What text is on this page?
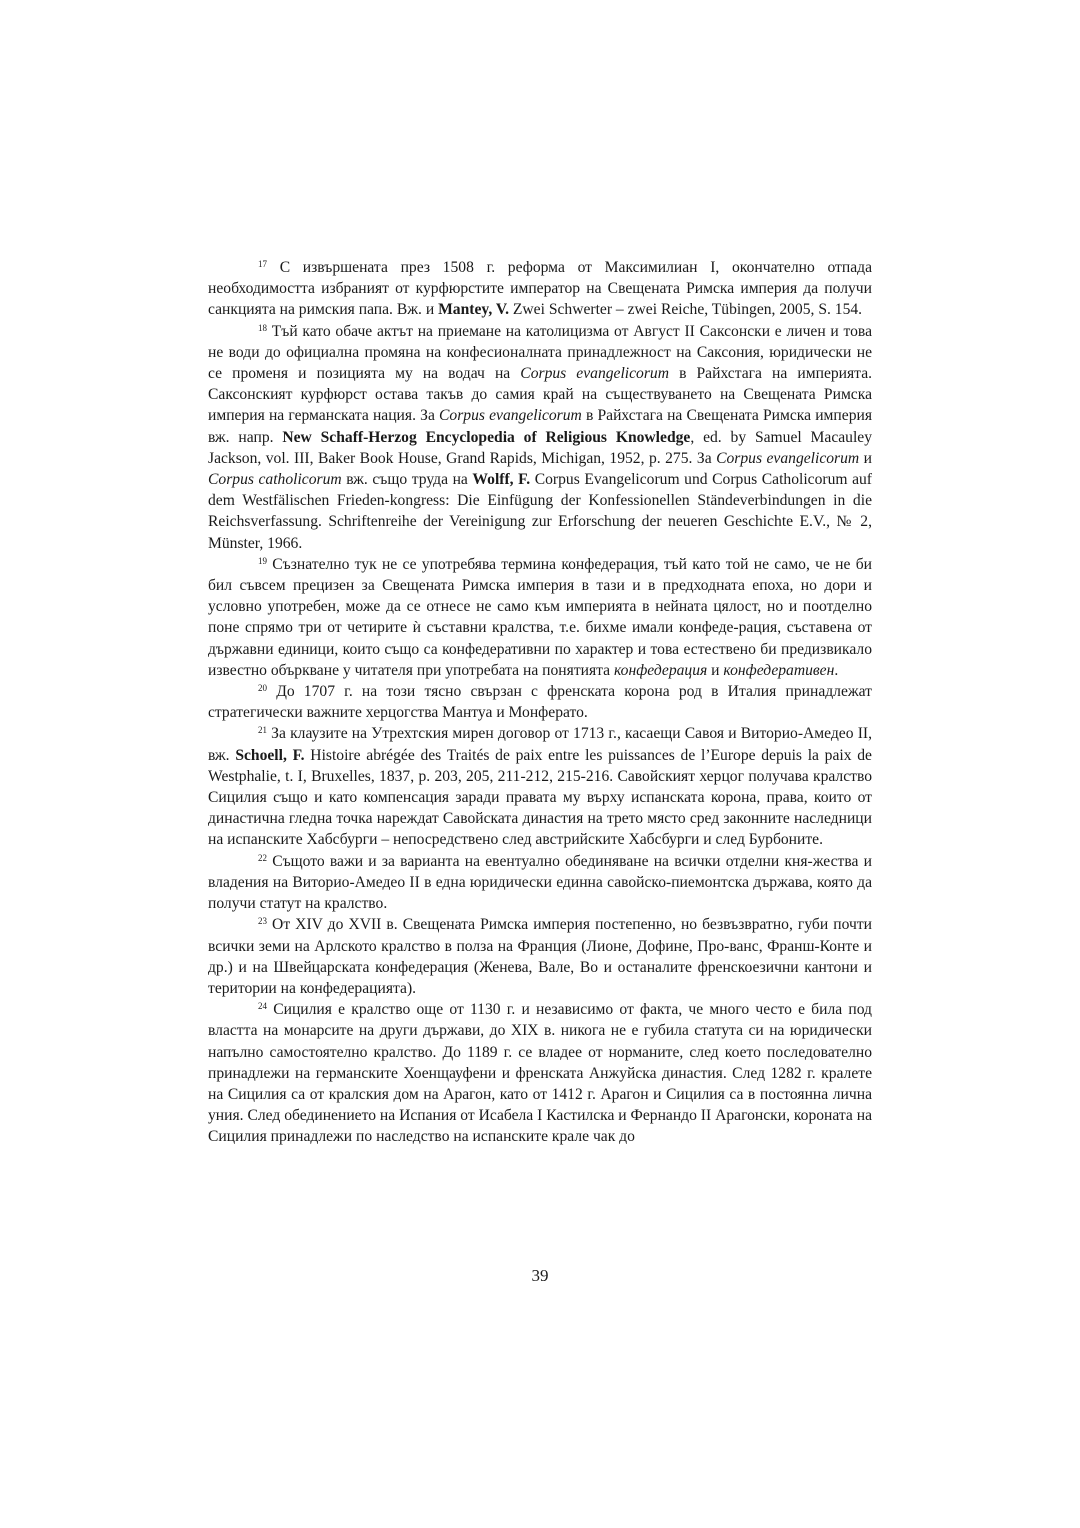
$^{17}$ С извършената през 1508 г. реформа от Максимилиан I, окончателно отпада необходимостта избраният от курфюрстите император на Свещената Римска империя да получи санкцията на римския папа. Вж. и Mantey, V. Zwei Schwerter – zwei Reiche, Tübingen, 2005, S. 154.

$^{18}$ Тъй като обаче актът на приемане на католицизма от Август II Саксонски е личен и това не води до официална промяна на конфесионалната принадлежност на Саксония, юридически не се променя и позицията му на водач на Corpus evangelicorum в Райхстага на империята. Саксонският курфюрст остава такъв до самия край на съществуването на Свещената Римска империя на германската нация. За Corpus evangelicorum в Райхстага на Свещената Римска империя вж. напр. New Schaff-Herzog Encyclopedia of Religious Knowledge, ed. by Samuel Macauley Jackson, vol. III, Baker Book House, Grand Rapids, Michigan, 1952, p. 275. За Corpus evangelicorum и Corpus catholicorum вж. също труда на Wolff, F. Corpus Evangelicorum und Corpus Catholicorum auf dem Westfälischen Frieden-kongress: Die Einfügung der Konfessionellen Ständeverbindungen in die Reichsverfassung. Schriftenreihe der Vereinigung zur Erforschung der neueren Geschichte E.V., № 2, Münster, 1966.

$^{19}$ Съзнателно тук не се употребява термина конфедерация, тъй като той не само, че не би бил съвсем прецизен за Свещената Римска империя в тази и в предходната епоха, но дори и условно употребен, може да се отнесе не само към империята в нейната цялост, но и поотделно поне спрямо три от четирите ѝ съставни кралства, т.е. бихме имали конфеде-рация, съставена от държавни единици, които също са конфедеративни по характер и това естествено би предизвикало известно объркване у читателя при употребата на понятията конфедерация и конфедеративен.

$^{20}$ До 1707 г. на този тясно свързан с френската корона род в Италия принадлежат стратегически важните херцогства Мантуа и Монферато.

$^{21}$ За клаузите на Утрехтския мирен договор от 1713 г., касаещи Савоя и Виторио-Амедео II, вж. Schoell, F. Histoire abrégée des Traités de paix entre les puissances de l’Europe depuis la paix de Westphalie, t. I, Bruxelles, 1837, p. 203, 205, 211-212, 215-216. Савойският херцог получава кралство Сицилия също и като компенсация заради правата му върху испанската корона, права, които от династична гледна точка нареждат Савойската династия на трето място сред законните наследници на испанските Хабсбурги – непосредствено след австрийските Хабсбурги и след Бурбоните.

$^{22}$ Същото важи и за варианта на евентуално обединяване на всички отделни кня-жества и владения на Виторио-Амедео II в една юридически единна савойско-пиемонтска държава, която да получи статут на кралство.

$^{23}$ От XIV до XVII в. Свещената Римска империя постепенно, но безвъзвратно, губи почти всички земи на Арлското кралство в полза на Франция (Лионе, Дофине, Про-ванс, Франш-Конте и др.) и на Швейцарската конфедерация (Женева, Вале, Во и останалите френскоезични кантони и територии на конфедерацията).

$^{24}$ Сицилия е кралство още от 1130 г. и независимо от факта, че много често е била под властта на монарсите на други държави, до XIX в. никога не е губила статута си на юридически напълно самостоятелно кралство. До 1189 г. се владее от норманите, след което последователно принадлежи на германските Хоенщауфени и френската Анжуйска династия. След 1282 г. кралете на Сицилия са от кралския дом на Арагон, като от 1412 г. Арагон и Сицилия са в постоянна лична уния. След обединението на Испания от Исабела I Кастилска и Фернандо II Арагонски, короната на Сицилия принадлежи по наследство на испанските крале чак до

39
